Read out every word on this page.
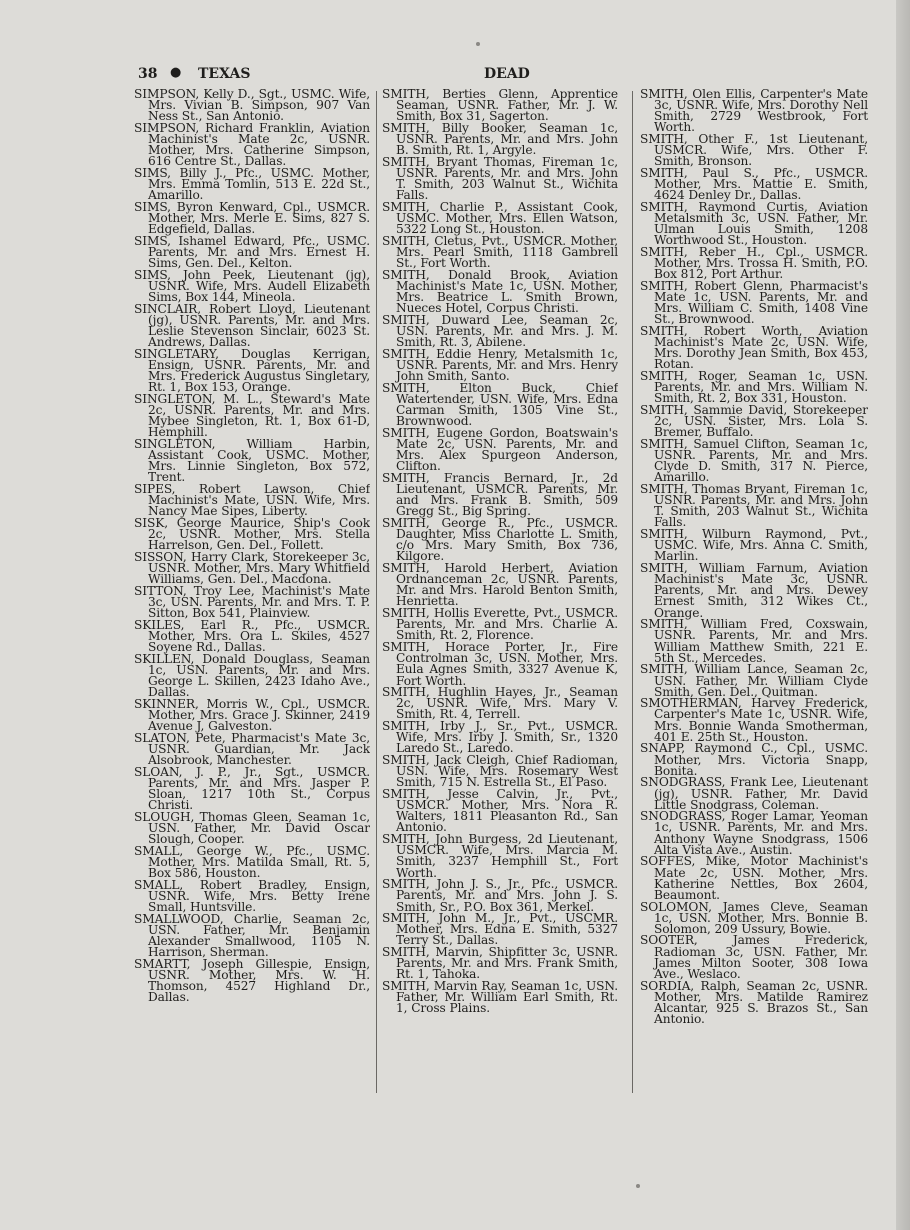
38 ● TEXAS	DEAD

SIMPSON, Kelly D., Sgt., USMC. Wife, Mrs. Vivian B. Simpson, 907 Van Ness St., San Antonio.

SIMPSON, Richard Franklin, Aviation Machinist's Mate 2c, USNR. Mother, Mrs. Catherine Simpson, 616 Centre St., Dallas.

SIMS, Billy J., Pfc., USMC. Mother, Mrs. Emma Tomlin, 513 E. 22d St., Amarillo.

SIMS, Byron Kenward, Cpl., USMCR. Mother, Mrs. Merle E. Sims, 827 S. Edgefield, Dallas.

SIMS, Ishamel Edward, Pfc., USMC. Parents, Mr. and Mrs. Ernest H. Sims, Gen. Del., Kelton.

SIMS, John Peek, Lieutenant (jg), USNR. Wife, Mrs. Audell Elizabeth Sims, Box 144, Mineola.

SINCLAIR, Robert Lloyd, Lieutenant (jg), USNR. Parents, Mr. and Mrs. Leslie Stevenson Sinclair, 6023 St. Andrews, Dallas.

SINGLETARY, Douglas Kerrigan, Ensign, USNR. Parents, Mr. and Mrs. Frederick Augustus Singletary, Rt. 1, Box 153, Orange.

SINGLETON, M. L., Steward's Mate 2c, USNR. Parents, Mr. and Mrs. Mybee Singleton, Rt. 1, Box 61-D, Hemphill.

SINGLETON, William Harbin, Assistant Cook, USMC. Mother, Mrs. Linnie Singleton, Box 572, Trent.

SIPES, Robert Lawson, Chief Machinist's Mate, USN. Wife, Mrs. Nancy Mae Sipes, Liberty.

SISK, George Maurice, Ship's Cook 2c, USNR. Mother, Mrs. Stella Harrelson, Gen. Del., Follett.

SISSON, Harry Clark, Storekeeper 3c, USNR. Mother, Mrs. Mary Whitfield Williams, Gen. Del., Macdona.

SITTON, Troy Lee, Machinist's Mate 3c, USN. Parents, Mr. and Mrs. T. P. Sitton, Box 541, Plainview.

SKILES, Earl R., Pfc., USMCR. Mother, Mrs. Ora L. Skiles, 4527 Soyene Rd., Dallas.

SKILLEN, Donald Douglass, Seaman 1c, USN. Parents, Mr. and Mrs. George L. Skillen, 2423 Idaho Ave., Dallas.

SKINNER, Morris W., Cpl., USMCR. Mother, Mrs. Grace J. Skinner, 2419 Avenue J, Galveston.

SLATON, Pete, Pharmacist's Mate 3c, USNR. Guardian, Mr. Jack Alsobrook, Manchester.

SLOAN, J. P., Jr., Sgt., USMCR. Parents, Mr. and Mrs. Jasper P. Sloan, 1217 10th St., Corpus Christi.

SLOUGH, Thomas Gleen, Seaman 1c, USN. Father, Mr. David Oscar Slough, Cooper.

SMALL, George W., Pfc., USMC. Mother, Mrs. Matilda Small, Rt. 5, Box 586, Houston.

SMALL, Robert Bradley, Ensign, USNR. Wife, Mrs. Betty Irene Small, Huntsville.

SMALLWOOD, Charlie, Seaman 2c, USN. Father, Mr. Benjamin Alexander Smallwood, 1105 N. Harrison, Sherman.

SMARTT, Joseph Gillespie, Ensign, USNR. Mother, Mrs. W. H. Thomson, 4527 Highland Dr., Dallas.

SMITH, Berties Glenn, Apprentice Seaman, USNR. Father, Mr. J. W. Smith, Box 31, Sagerton.

SMITH, Billy Booker, Seaman 1c, USNR. Parents, Mr. and Mrs. John B. Smith, Rt. 1, Argyle.

SMITH, Bryant Thomas, Fireman 1c, USNR. Parents, Mr. and Mrs. John T. Smith, 203 Walnut St., Wichita Falls.

SMITH, Charlie P., Assistant Cook, USMC. Mother, Mrs. Ellen Watson, 5322 Long St., Houston.

SMITH, Cletus, Pvt., USMCR. Mother, Mrs. Pearl Smith, 1118 Gambrell St., Fort Worth.

SMITH, Donald Brook, Aviation Machinist's Mate 1c, USN. Mother, Mrs. Beatrice L. Smith Brown, Nueces Hotel, Corpus Christi.

SMITH, Duward Lee, Seaman 2c, USN. Parents, Mr. and Mrs. J. M. Smith, Rt. 3, Abilene.

SMITH, Eddie Henry, Metalsmith 1c, USNR. Parents, Mr. and Mrs. Henry John Smith, Santo.

SMITH, Elton Buck, Chief Watertender, USN. Wife, Mrs. Edna Carman Smith, 1305 Vine St., Brownwood.

SMITH, Eugene Gordon, Boatswain's Mate 2c, USN. Parents, Mr. and Mrs. Alex Spurgeon Anderson, Clifton.

SMITH, Francis Bernard, Jr., 2d Lieutenant, USMCR. Parents, Mr. and Mrs. Frank B. Smith, 509 Gregg St., Big Spring.

SMITH, George R., Pfc., USMCR. Daughter, Miss Charlotte L. Smith, c/o Mrs. Mary Smith, Box 736, Kilgore.

SMITH, Harold Herbert, Aviation Ordnanceman 2c, USNR. Parents, Mr. and Mrs. Harold Benton Smith, Henrietta.

SMITH, Hollis Everette, Pvt., USMCR. Parents, Mr. and Mrs. Charlie A. Smith, Rt. 2, Florence.

SMITH, Horace Porter, Jr., Fire Controlman 3c, USN. Mother, Mrs. Eula Agnes Smith, 3327 Avenue K, Fort Worth.

SMITH, Hughlin Hayes, Jr., Seaman 2c, USNR. Wife, Mrs. Mary V. Smith, Rt. 4, Terrell.

SMITH, Irby J., Sr., Pvt., USMCR. Wife, Mrs. Irby J. Smith, Sr., 1320 Laredo St., Laredo.

SMITH, Jack Cleigh, Chief Radioman, USN. Wife, Mrs. Rosemary West Smith, 715 N. Estrella St., El Paso.

SMITH, Jesse Calvin, Jr., Pvt., USMCR. Mother, Mrs. Nora R. Walters, 1811 Pleasanton Rd., San Antonio.

SMITH, John Burgess, 2d Lieutenant, USMCR. Wife, Mrs. Marcia M. Smith, 3237 Hemphill St., Fort Worth.

SMITH, John J. S., Jr., Pfc., USMCR. Parents, Mr. and Mrs. John J. S. Smith, Sr., P.O. Box 361, Merkel.

SMITH, John M., Jr., Pvt., USCMR. Mother, Mrs. Edna E. Smith, 5327 Terry St., Dallas.

SMITH, Marvin, Shipfitter 3c, USNR. Parents, Mr. and Mrs. Frank Smith, Rt. 1, Tahoka.

SMITH, Marvin Ray, Seaman 1c, USN. Father, Mr. William Earl Smith, Rt. 1, Cross Plains.

SMITH, Olen Ellis, Carpenter's Mate 3c, USNR. Wife, Mrs. Dorothy Nell Smith, 2729 Westbrook, Fort Worth.

SMITH, Other F., 1st Lieutenant, USMCR. Wife, Mrs. Other F. Smith, Bronson.

SMITH, Paul S., Pfc., USMCR. Mother, Mrs. Mattie E. Smith, 4624 Denley Dr., Dallas.

SMITH, Raymond Curtis, Aviation Metalsmith 3c, USN. Father, Mr. Ulman Louis Smith, 1208 Worthwood St., Houston.

SMITH, Reber H., Cpl., USMCR. Mother, Mrs. Trossa H. Smith, P.O. Box 812, Port Arthur.

SMITH, Robert Glenn, Pharmacist's Mate 1c, USN. Parents, Mr. and Mrs. William C. Smith, 1408 Vine St., Brownwood.

SMITH, Robert Worth, Aviation Machinist's Mate 2c, USN. Wife, Mrs. Dorothy Jean Smith, Box 453, Rotan.

SMITH, Roger, Seaman 1c, USN. Parents, Mr. and Mrs. William N. Smith, Rt. 2, Box 331, Houston.

SMITH, Sammie David, Storekeeper 2c, USN. Sister, Mrs. Lola S. Bremer, Buffalo.

SMITH, Samuel Clifton, Seaman 1c, USNR. Parents, Mr. and Mrs. Clyde D. Smith, 317 N. Pierce, Amarillo.

SMITH, Thomas Bryant, Fireman 1c, USNR. Parents, Mr. and Mrs. John T. Smith, 203 Walnut St., Wichita Falls.

SMITH, Wilburn Raymond, Pvt., USMC. Wife, Mrs. Anna C. Smith, Marlin.

SMITH, William Farnum, Aviation Machinist's Mate 3c, USNR. Parents, Mr. and Mrs. Dewey Ernest Smith, 312 Wikes Ct., Orange.

SMITH, William Fred, Coxswain, USNR. Parents, Mr. and Mrs. William Matthew Smith, 221 E. 5th St., Mercedes.

SMITH, William Lance, Seaman 2c, USN. Father, Mr. William Clyde Smith, Gen. Del., Quitman.

SMOTHERMAN, Harvey Frederick, Carpenter's Mate 1c, USNR. Wife, Mrs. Bonnie Wanda Smotherman, 401 E. 25th St., Houston.

SNAPP, Raymond C., Cpl., USMC. Mother, Mrs. Victoria Snapp, Bonita.

SNODGRASS, Frank Lee, Lieutenant (jg), USNR. Father, Mr. David Little Snodgrass, Coleman.

SNODGRASS, Roger Lamar, Yeoman 1c, USNR. Parents, Mr. and Mrs. Anthony Wayne Snodgrass, 1506 Alta Vista Ave., Austin.

SOFFES, Mike, Motor Machinist's Mate 2c, USN. Mother, Mrs. Katherine Nettles, Box 2604, Beaumont.

SOLOMON, James Cleve, Seaman 1c, USN. Mother, Mrs. Bonnie B. Solomon, 209 Ussury, Bowie.

SOOTER, James Frederick, Radioman 3c, USN. Father, Mr. James Milton Sooter, 308 Iowa Ave., Weslaco.

SORDIA, Ralph, Seaman 2c, USNR. Mother, Mrs. Matilde Ramirez Alcantar, 925 S. Brazos St., San Antonio.
